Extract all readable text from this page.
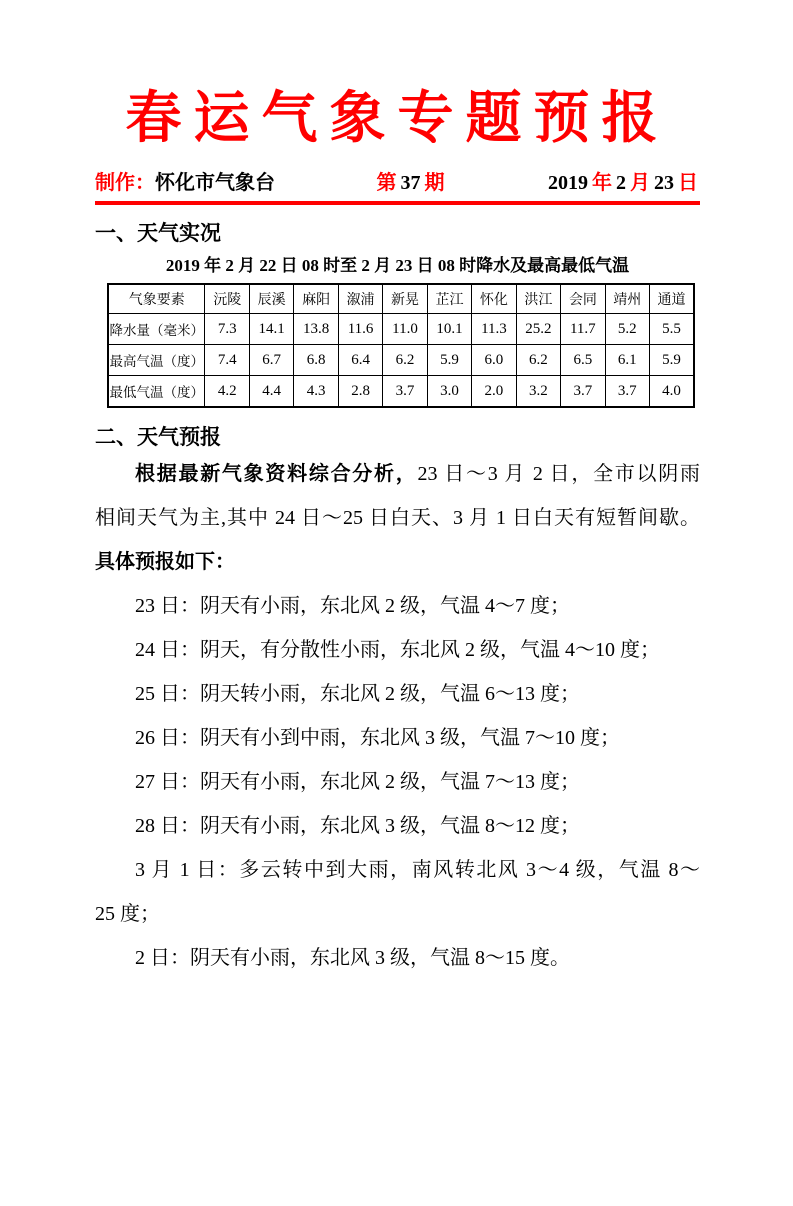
春运气象专题预报
制作：怀化市气象台	第 37 期	2019 年 2 月 23 日
一、天气实况
2019 年 2 月 22 日 08 时至 2 月 23 日 08 时降水及最高最低气温
气象要素	沅陵	辰溪	麻阳	溆浦	新晃	芷江	怀化	洪江	会同	靖州	通道
降水量（毫米）	7.3	14.1	13.8	11.6	11.0	10.1	11.3	25.2	11.7	5.2	5.5
最高气温（度）	7.4	6.7	6.8	6.4	6.2	5.9	6.0	6.2	6.5	6.1	5.9
最低气温（度）	4.2	4.4	4.3	2.8	3.7	3.0	2.0	3.2	3.7	3.7	4.0
二、天气预报
根据最新气象资料综合分析，23 日～3 月 2 日，全市以阴雨
相间天气为主,其中 24 日～25 日白天、3 月 1 日白天有短暂间歇。
具体预报如下：
23 日：阴天有小雨，东北风 2 级，气温 4～7 度；
24 日：阴天，有分散性小雨，东北风 2 级，气温 4～10 度；
25 日：阴天转小雨，东北风 2 级，气温 6～13 度；
26 日：阴天有小到中雨，东北风 3 级，气温 7～10 度；
27 日：阴天有小雨，东北风 2 级，气温 7～13 度；
28 日：阴天有小雨，东北风 3 级，气温 8～12 度；
3 月 1 日：多云转中到大雨，南风转北风 3～4 级，气温 8～
25 度；
2 日：阴天有小雨，东北风 3 级，气温 8～15 度。
